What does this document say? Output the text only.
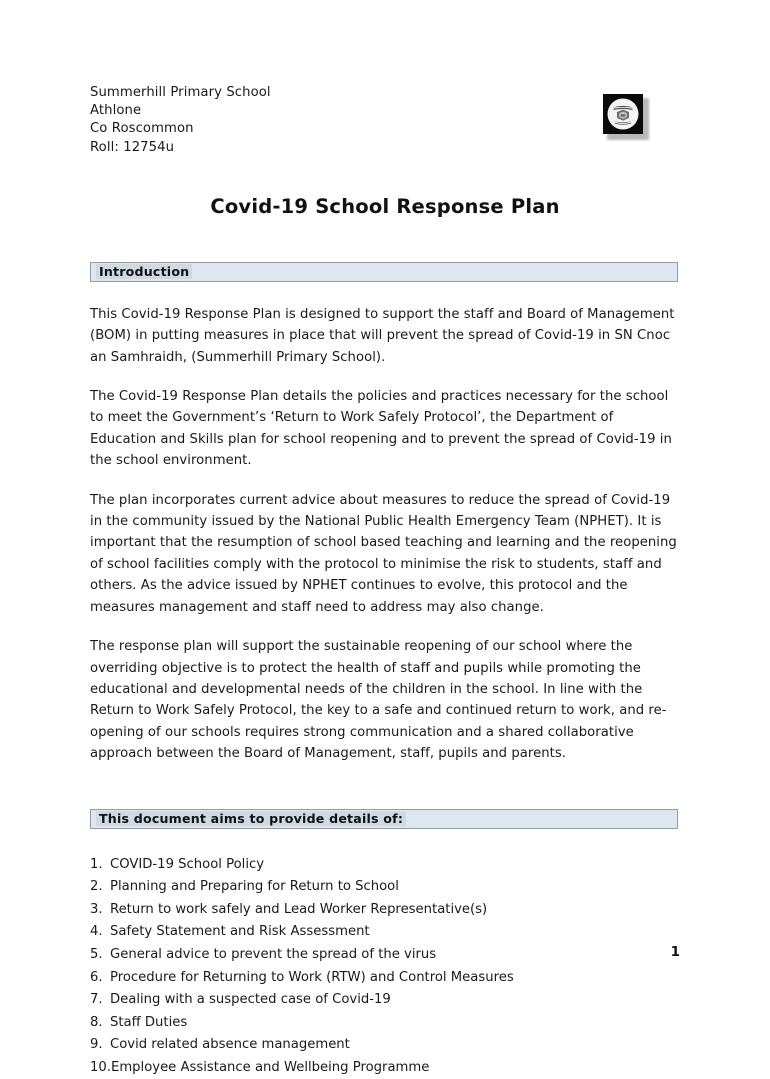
Summerhill Primary School
Athlone
Co Roscommon
Roll: 12754u
Covid-19 School Response Plan
Introduction

This Covid-19 Response Plan is designed to support the staff and Board of Management (BOM) in putting measures in place that will prevent the spread of Covid-19 in SN Cnoc an Samhraidh, (Summerhill Primary School).

The Covid-19 Response Plan details the policies and practices necessary for the school to meet the Government’s ‘Return to Work Safely Protocol’, the Department of Education and Skills plan for school reopening and to prevent the spread of Covid-19 in the school environment.

The plan incorporates current advice about measures to reduce the spread of Covid-19 in the community issued by the National Public Health Emergency Team (NPHET). It is important that the resumption of school based teaching and learning and the reopening of school facilities comply with the protocol to minimise the risk to students, staff and others. As the advice issued by NPHET continues to evolve, this protocol and the measures management and staff need to address may also change.

The response plan will support the sustainable reopening of our school where the overriding objective is to protect the health of staff and pupils while promoting the educational and developmental needs of the children in the school. In line with the Return to Work Safely Protocol, the key to a safe and continued return to work, and re-opening of our schools requires strong communication and a shared collaborative approach between the Board of Management, staff, pupils and parents.

This document aims to provide details of:
1. COVID-19 School Policy
2. Planning and Preparing for Return to School
3. Return to work safely and Lead Worker Representative(s)
4. Safety Statement and Risk Assessment
5. General advice to prevent the spread of the virus
6. Procedure for Returning to Work (RTW) and Control Measures
7. Dealing with a suspected case of Covid-19
8. Staff Duties
9. Covid related absence management
10.Employee Assistance and Wellbeing Programme
1
